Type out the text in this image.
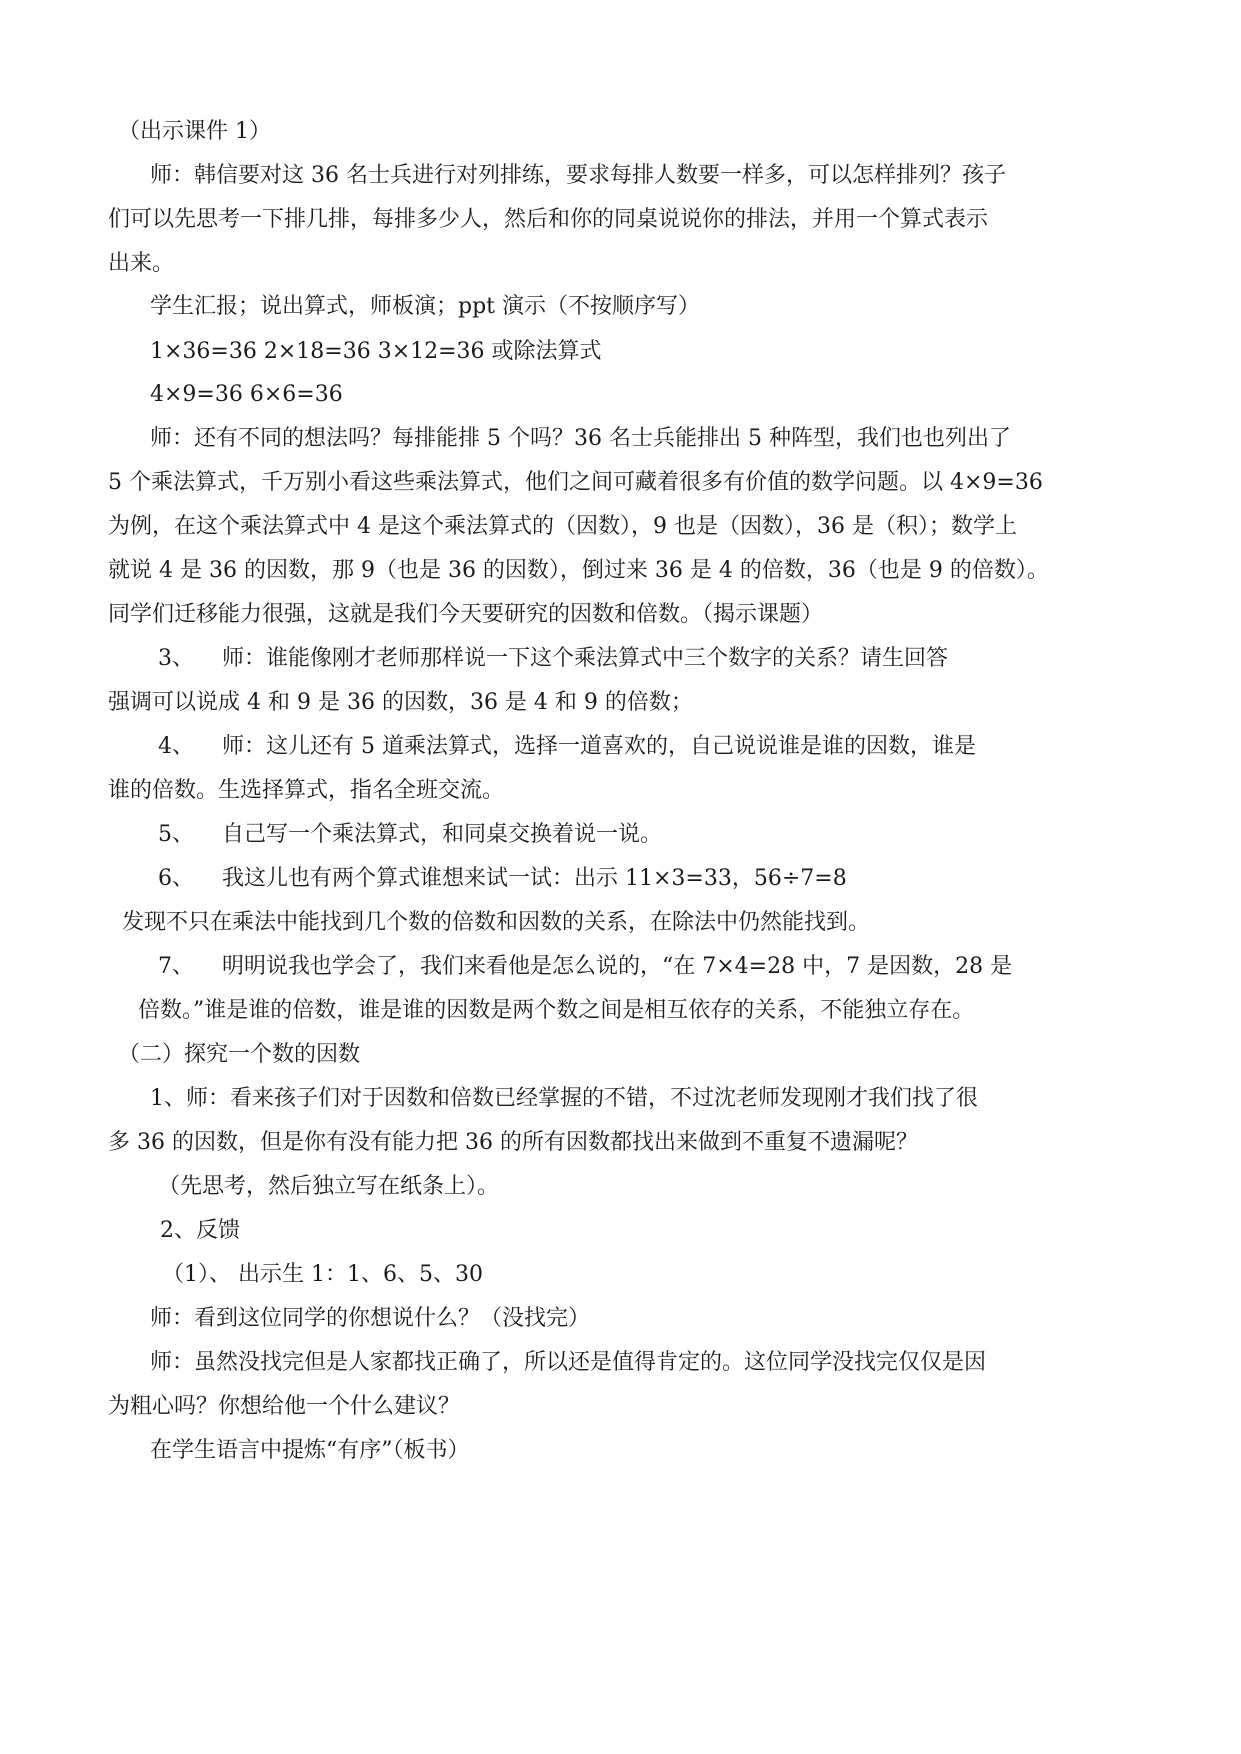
（出示课件 1）
师：韩信要对这 36 名士兵进行对列排练，要求每排人数要一样多，可以怎样排列？孩子
们可以先思考一下排几排，每排多少人，然后和你的同桌说说你的排法，并用一个算式表示
出来。
学生汇报；说出算式，师板演；ppt 演示（不按顺序写）
1×36=36 2×18=36 3×12=36 或除法算式
4×9=36 6×6=36
师：还有不同的想法吗？每排能排 5 个吗？36 名士兵能排出 5 种阵型，我们也也列出了
5 个乘法算式，千万别小看这些乘法算式，他们之间可藏着很多有价值的数学问题。以 4×9=36
为例，在这个乘法算式中 4 是这个乘法算式的（因数），9 也是（因数），36 是（积）；数学上
就说 4 是 36 的因数，那 9（也是 36 的因数），倒过来 36 是 4 的倍数，36（也是 9 的倍数）。
同学们迁移能力很强，这就是我们今天要研究的因数和倍数。（揭示课题）
3、 师：谁能像刚才老师那样说一下这个乘法算式中三个数字的关系？请生回答
强调可以说成 4 和 9 是 36 的因数，36 是 4 和 9 的倍数；
4、 师：这儿还有 5 道乘法算式，选择一道喜欢的，自己说说谁是谁的因数，谁是
谁的倍数。生选择算式，指名全班交流。
5、 自己写一个乘法算式，和同桌交换着说一说。
6、 我这儿也有两个算式谁想来试一试：出示 11×3=33，56÷7=8
发现不只在乘法中能找到几个数的倍数和因数的关系，在除法中仍然能找到。
7、 明明说我也学会了，我们来看他是怎么说的，“在 7×4=28 中，7 是因数，28 是
倍数。”谁是谁的倍数，谁是谁的因数是两个数之间是相互依存的关系，不能独立存在。
（二）探究一个数的因数
1、师：看来孩子们对于因数和倍数已经掌握的不错，不过沈老师发现刚才我们找了很
多 36 的因数，但是你有没有能力把 36 的所有因数都找出来做到不重复不遗漏呢？
（先思考，然后独立写在纸条上）。
2、反馈
（1）、 出示生 1：1、6、5、30
师：看到这位同学的你想说什么？（没找完）
师：虽然没找完但是人家都找正确了，所以还是值得肯定的。这位同学没找完仅仅是因
为粗心吗？你想给他一个什么建议？
在学生语言中提炼“有序”（板书）
